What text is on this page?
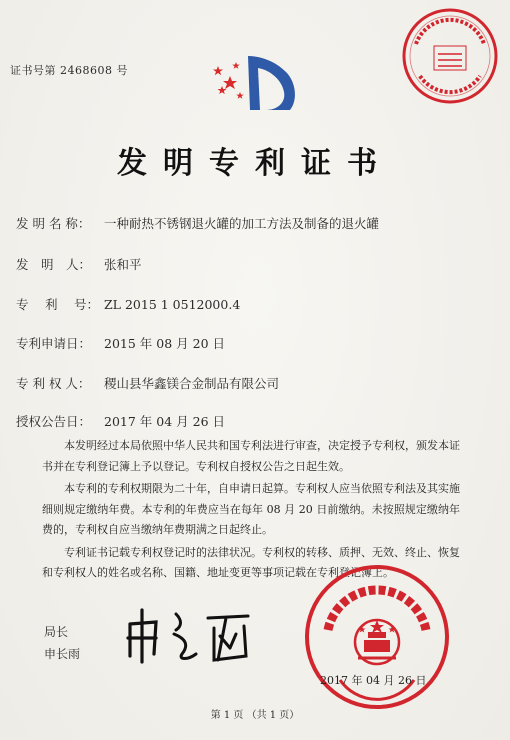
证书号第 2468608 号
发明专利证书
发 明 名 称： 一种耐热不锈钢退火罐的加工方法及制备的退火罐
发　明　人： 张和平
专　 利　 号： ZL 2015 1 0512000.4
专利申请日： 2015 年 08 月 20 日
专 利 权 人： 稷山县华鑫镁合金制品有限公司
授权公告日： 2017 年 04 月 26 日

本发明经过本局依照中华人民共和国专利法进行审查，决定授予专利权，颁发本证书并在专利登记簿上予以登记。专利权自授权公告之日起生效。

本专利的专利权期限为二十年，自申请日起算。专利权人应当依照专利法及其实施细则规定缴纳年费。本专利的年费应当在每年 08 月 20 日前缴纳。未按照规定缴纳年费的，专利权自应当缴纳年费期满之日起终止。

专利证书记载专利权登记时的法律状况。专利权的转移、质押、无效、终止、恢复和专利权人的姓名或名称、国籍、地址变更等事项记载在专利登记簿上。

局长
申长雨
2017 年 04 月 26 日
第 1 页 （共 1 页）
